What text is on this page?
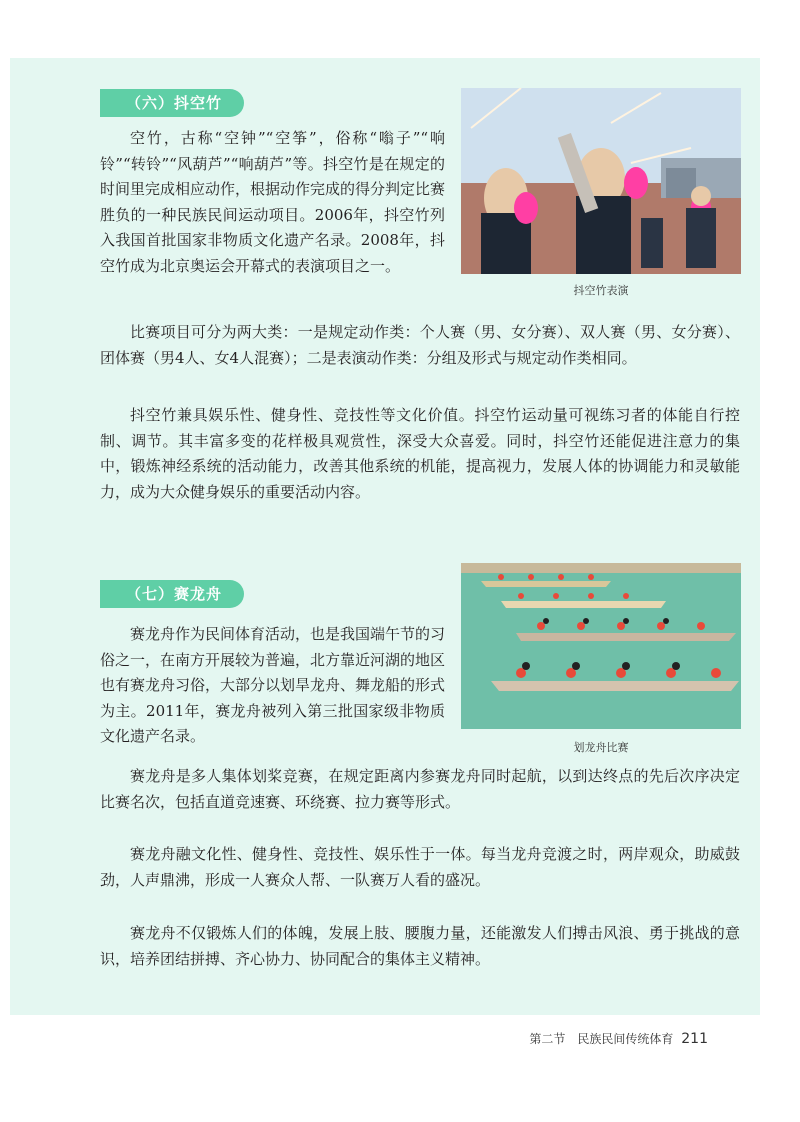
（六）抖空竹
抖空竹表演

空竹，古称“空钟”“空筝”，俗称“嗡子”“响铃”“转铃”“风葫芦”“响葫芦”等。抖空竹是在规定的时间里完成相应动作，根据动作完成的得分判定比赛胜负的一种民族民间运动项目。2006年，抖空竹列入我国首批国家非物质文化遗产名录。2008年，抖空竹成为北京奥运会开幕式的表演项目之一。

比赛项目可分为两大类：一是规定动作类：个人赛（男、女分赛）、双人赛（男、女分赛）、团体赛（男4人、女4人混赛）；二是表演动作类：分组及形式与规定动作类相同。

抖空竹兼具娱乐性、健身性、竞技性等文化价值。抖空竹运动量可视练习者的体能自行控制、调节。其丰富多变的花样极具观赏性，深受大众喜爱。同时，抖空竹还能促进注意力的集中，锻炼神经系统的活动能力，改善其他系统的机能，提高视力，发展人体的协调能力和灵敏能力，成为大众健身娱乐的重要活动内容。

（七）赛龙舟
划龙舟比赛

赛龙舟作为民间体育活动，也是我国端午节的习俗之一，在南方开展较为普遍，北方靠近河湖的地区也有赛龙舟习俗，大部分以划旱龙舟、舞龙船的形式为主。2011年，赛龙舟被列入第三批国家级非物质文化遗产名录。

赛龙舟是多人集体划桨竞赛，在规定距离内参赛龙舟同时起航，以到达终点的先后次序决定比赛名次，包括直道竞速赛、环绕赛、拉力赛等形式。

赛龙舟融文化性、健身性、竞技性、娱乐性于一体。每当龙舟竞渡之时，两岸观众，助威鼓劲，人声鼎沸，形成一人赛众人帮、一队赛万人看的盛况。

赛龙舟不仅锻炼人们的体魄，发展上肢、腰腹力量，还能激发人们搏击风浪、勇于挑战的意识，培养团结拼搏、齐心协力、协同配合的集体主义精神。

第二节　民族民间传统体育 211
